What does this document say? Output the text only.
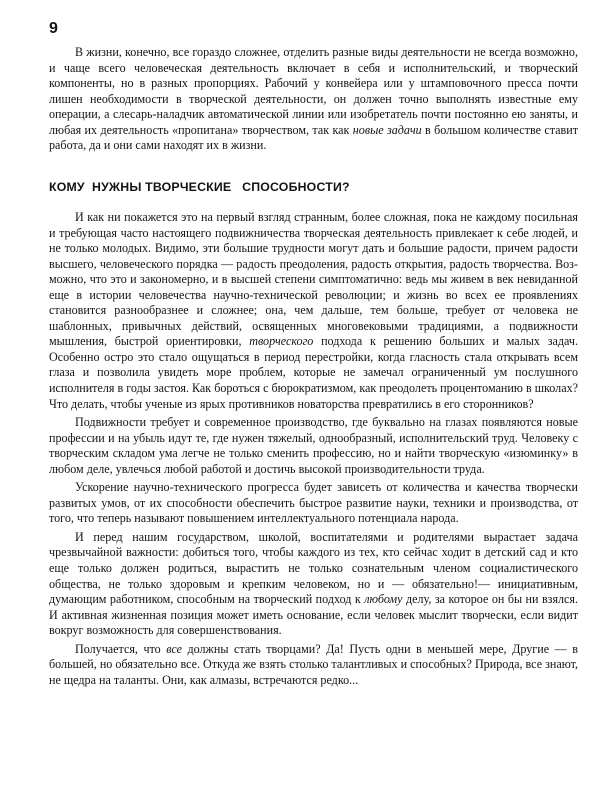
9

В жизни, конечно, все гораздо сложнее, отделить разные виды деятельности не всегда возможно, и чаще всего человеческая деятельность включает в себя и исполнительский, и творческий компоненты, но в разных пропорциях. Рабочий у конвейера или у штамповочного пресса почти лишен необходимости в творческой деятельности, он должен точно выполнять известные ему операции, а слесарь-наладчик автоматической линии или изобретатель почти постоянно ею заняты, и любая их деятельность «пропитана» творчеством, так как новые задачи в большом количестве ставит работа, да и они сами находят их в жизни.

КОМУ  НУЖНЫ ТВОРЧЕСКИЕ   СПОСОБНОСТИ?

И как ни покажется это на первый взгляд странным, более сложная, пока не каждому посильная и требующая часто настоящего подвижничества творческая деятельность привлекает к себе людей, и не только молодых. Видимо, эти большие трудности могут дать и большие радости, причем радости высшего, человеческого порядка — радость преодоления, радость открытия, радость творчества. Возможно, что это и закономерно, и в высшей степени симптоматично: ведь мы живем в век невиданной еще в истории человечества научно-технической революции; и жизнь во всех ее проявлениях становится разнообразнее и сложнее; она, чем дальше, тем больше, требует от человека не шаблонных, привычных действий, освященных многовековыми традициями, а подвижности мышления, быстрой ориентировки, творческого подхода к решению больших и малых задач. Особенно остро это стало ощущаться в период перестройки, когда гласность стала открывать всем глаза и позволила увидеть море проблем, которые не замечал ограниченный ум послушного исполнителя в годы застоя. Как бороться с бюрократизмом, как преодолеть процентоманию в школах? Что делать, чтобы ученые из ярых противников новаторства превратились в его сторонников?

Подвижности требует и современное производство, где буквально на глазах появляются новые профессии и на убыль идут те, где нужен тяжелый, однообразный, исполнительский труд. Человеку с творческим складом ума легче не только сменить профессию, но и найти творческую «изюминку» в любом деле, увлечься любой работой и достичь высокой производительности труда.

Ускорение научно-технического прогресса будет зависеть от количества и качества творчески развитых умов, от их способности обеспечить быстрое развитие науки, техники и производства, от того, что теперь называют повышением интеллектуального потенциала народа.

И перед нашим государством, школой, воспитателями и родителями вырастает задача чрезвычайной важности: добиться того, чтобы каждого из тех, кто сейчас ходит в детский сад и кто еще только должен родиться, вырастить не только сознательным членом социалистического общества, не только здоровым и крепким человеком, но и — обязательно!— инициативным, думающим работником, способным на творческий подход к любому делу, за которое он бы ни взялся. И активная жизненная позиция может иметь основание, если человек мыслит творчески, если видит вокруг возможность для совершенствования.

Получается, что все должны стать творцами? Да! Пусть одни в меньшей мере, Другие — в большей, но обязательно все. Откуда же взять столько талантливых и способных? Природа, все знают, не щедра на таланты. Они, как алмазы, встречаются редко...
